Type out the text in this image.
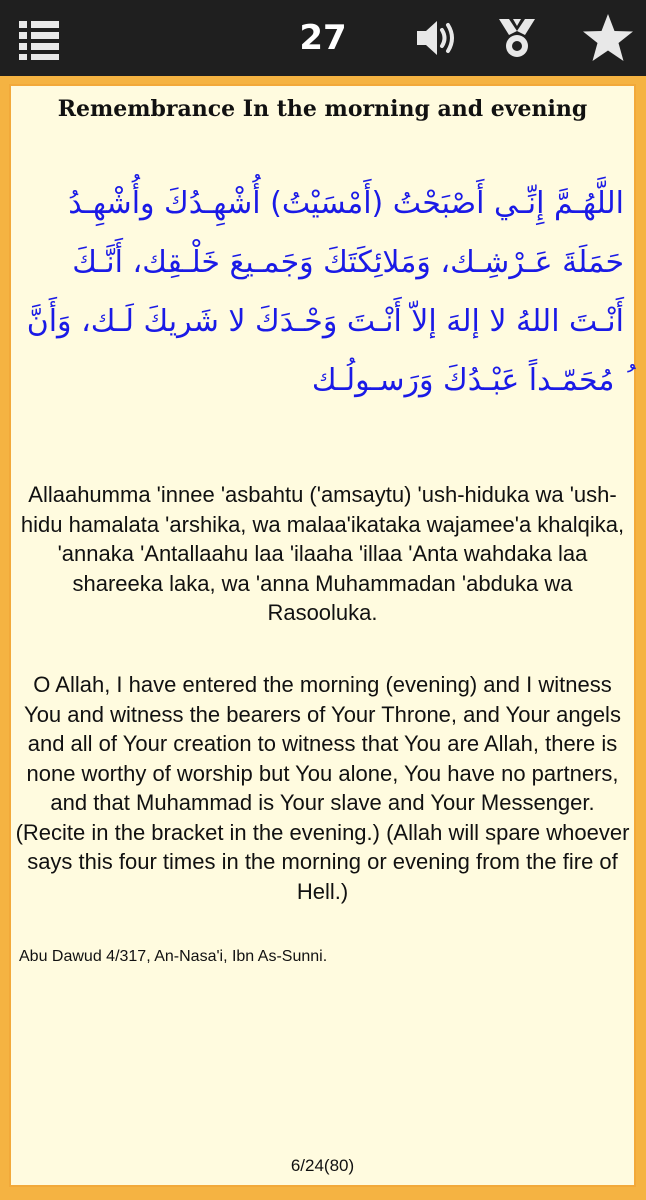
27
Remembrance In the morning and evening
اللَّهُـمَّ إِنِّـي أَصْبَحْتُ (أَمْسَيْتُ) أُشْهِـدُكَ وأُشْهِـدُ حَمَلَةَ عَـرْشِـك، وَمَلائِكَتَكَ وَجَمـيعَ خَلْـقِك، أَنَّـكَ أَنْـتَ اللهُ لا إلهَ إلاّ أَنْـتَ وَحْـدَكَ لا شَريكَ لَـك، وَأَنَّ ُ مُحَمّـداً عَبْـدُكَ وَرَسـولُـك
Allaahumma 'innee 'asbahtu ('amsaytu) 'ush-hiduka wa 'ush-hidu hamalata 'arshika, wa malaa'ikataka wajamee'a khalqika, 'annaka 'Antallaahu laa 'ilaaha 'illaa 'Anta wahdaka laa shareeka laka, wa 'anna Muhammadan 'abduka wa Rasooluka.
O Allah, I have entered the morning (evening) and I witness You and witness the bearers of Your Throne, and Your angels and all of Your creation to witness that You are Allah, there is none worthy of worship but You alone, You have no partners, and that Muhammad is Your slave and Your Messenger. (Recite in the bracket in the evening.) (Allah will spare whoever says this four times in the morning or evening from the fire of Hell.)
Abu Dawud 4/317, An-Nasa'i, Ibn As-Sunni.
6/24(80)
